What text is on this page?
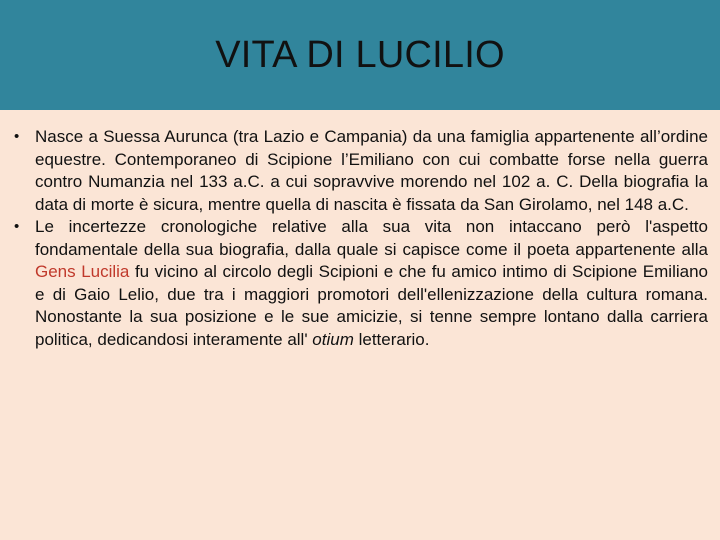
VITA DI LUCILIO
• Nasce a Suessa Aurunca (tra Lazio e Campania) da una famiglia appartenente all’ordine equestre. Contemporaneo di Scipione l’Emiliano con cui combatte forse nella guerra contro Numanzia nel 133 a.C. a cui sopravvive morendo nel 102 a. C. Della biografia la data di morte è sicura, mentre quella di nascita è fissata da San Girolamo, nel 148 a.C.
• Le incertezze cronologiche relative alla sua vita non intaccano però l'aspetto fondamentale della sua biografia, dalla quale si capisce come il poeta appartenente alla Gens Lucilia fu vicino al circolo degli Scipioni e che fu amico intimo di Scipione Emiliano e di Gaio Lelio, due tra i maggiori promotori dell'ellenizzazione della cultura romana. Nonostante la sua posizione e le sue amicizie, si tenne sempre lontano dalla carriera politica, dedicandosi interamente all' otium letterario.
